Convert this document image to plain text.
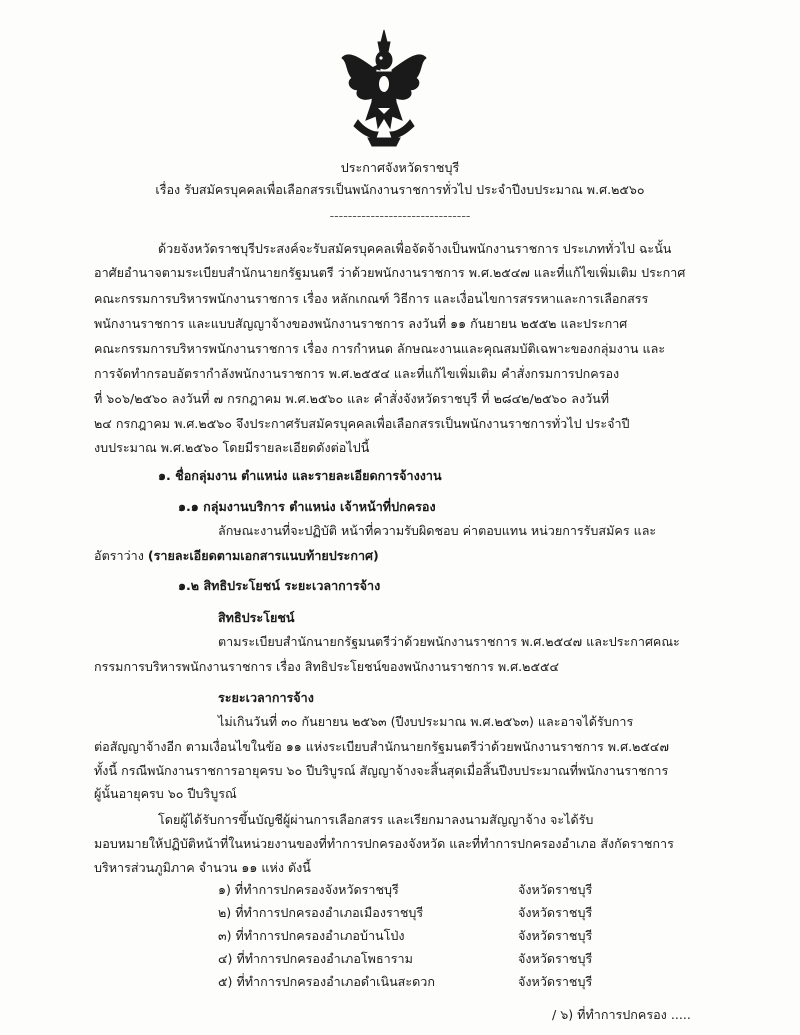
ประกาศจังหวัดราชบุรี
เรื่อง รับสมัครบุคคลเพื่อเลือกสรรเป็นพนักงานราชการทั่วไป ประจำปีงบประมาณ พ.ศ.๒๕๖๐
-------------------------------
ด้วยจังหวัดราชบุรีประสงค์จะรับสมัครบุคคลเพื่อจัดจ้างเป็นพนักงานราชการ ประเภททั่วไป ฉะนั้น
อาศัยอำนาจตามระเบียบสำนักนายกรัฐมนตรี ว่าด้วยพนักงานราชการ พ.ศ.๒๕๔๗ และที่แก้ไขเพิ่มเติม ประกาศ
คณะกรรมการบริหารพนักงานราชการ เรื่อง หลักเกณฑ์ วิธีการ และเงื่อนไขการสรรหาและการเลือกสรร
พนักงานราชการ และแบบสัญญาจ้างของพนักงานราชการ ลงวันที่ ๑๑ กันยายน ๒๕๕๒ และประกาศ
คณะกรรมการบริหารพนักงานราชการ เรื่อง การกำหนด ลักษณะงานและคุณสมบัติเฉพาะของกลุ่มงาน และ
การจัดทำกรอบอัตรากำลังพนักงานราชการ พ.ศ.๒๕๕๔ และที่แก้ไขเพิ่มเติม คำสั่งกรมการปกครอง
ที่ ๖๐๖/๒๕๖๐ ลงวันที่ ๗ กรกฎาคม พ.ศ.๒๕๖๐ และ คำสั่งจังหวัดราชบุรี ที่ ๒๘๔๒/๒๕๖๐ ลงวันที่
๒๔ กรกฎาคม พ.ศ.๒๕๖๐ จึงประกาศรับสมัครบุคคลเพื่อเลือกสรรเป็นพนักงานราชการทั่วไป ประจำปี
งบประมาณ พ.ศ.๒๕๖๐ โดยมีรายละเอียดดังต่อไปนี้
๑. ชื่อกลุ่มงาน ตำแหน่ง และรายละเอียดการจ้างงาน
๑.๑ กลุ่มงานบริการ ตำแหน่ง เจ้าหน้าที่ปกครอง
ลักษณะงานที่จะปฏิบัติ หน้าที่ความรับผิดชอบ ค่าตอบแทน หน่วยการรับสมัคร และ
อัตราว่าง (รายละเอียดตามเอกสารแนบท้ายประกาศ)
๑.๒ สิทธิประโยชน์ ระยะเวลาการจ้าง
สิทธิประโยชน์
ตามระเบียบสำนักนายกรัฐมนตรีว่าด้วยพนักงานราชการ พ.ศ.๒๕๔๗ และประกาศคณะ
กรรมการบริหารพนักงานราชการ เรื่อง สิทธิประโยชน์ของพนักงานราชการ พ.ศ.๒๕๕๔
ระยะเวลาการจ้าง
ไม่เกินวันที่ ๓๐ กันยายน ๒๕๖๓ (ปีงบประมาณ พ.ศ.๒๕๖๓) และอาจได้รับการ
ต่อสัญญาจ้างอีก ตามเงื่อนไขในข้อ ๑๑ แห่งระเบียบสำนักนายกรัฐมนตรีว่าด้วยพนักงานราชการ พ.ศ.๒๕๔๗
ทั้งนี้ กรณีพนักงานราชการอายุครบ ๖๐ ปีบริบูรณ์ สัญญาจ้างจะสิ้นสุดเมื่อสิ้นปีงบประมาณที่พนักงานราชการ
ผู้นั้นอายุครบ ๖๐ ปีบริบูรณ์
โดยผู้ได้รับการขึ้นบัญชีผู้ผ่านการเลือกสรร และเรียกมาลงนามสัญญาจ้าง จะได้รับ
มอบหมายให้ปฏิบัติหน้าที่ในหน่วยงานของที่ทำการปกครองจังหวัด และที่ทำการปกครองอำเภอ สังกัดราชการ
บริหารส่วนภูมิภาค จำนวน ๑๑ แห่ง ดังนี้
๑) ที่ทำการปกครองจังหวัดราชบุรี	จังหวัดราชบุรี
๒) ที่ทำการปกครองอำเภอเมืองราชบุรี	จังหวัดราชบุรี
๓) ที่ทำการปกครองอำเภอบ้านโป่ง	จังหวัดราชบุรี
๔) ที่ทำการปกครองอำเภอโพธาราม	จังหวัดราชบุรี
๕) ที่ทำการปกครองอำเภอดำเนินสะดวก	จังหวัดราชบุรี
/ ๖) ที่ทำการปกครอง .....
